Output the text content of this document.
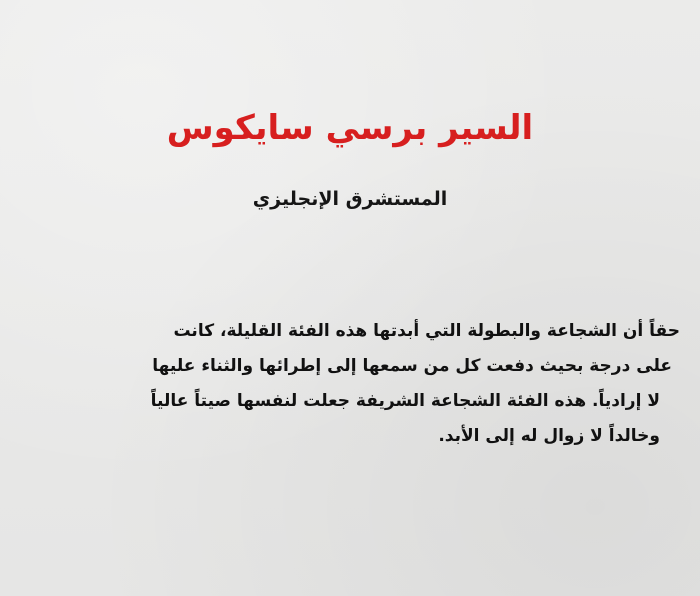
السير برسي سايكوس
المستشرق الإنجليزي

حقاً أن الشجاعة والبطولة التي أبدتها هذه الفئة القليلة، كانت
على درجة بحيث دفعت كل من سمعها إلى إطرائها والثناء عليها
لا إرادياً. هذه الفئة الشجاعة الشريفة جعلت لنفسها صيتاً عالياً
وخالداً لا زوال له إلى الأبد.
